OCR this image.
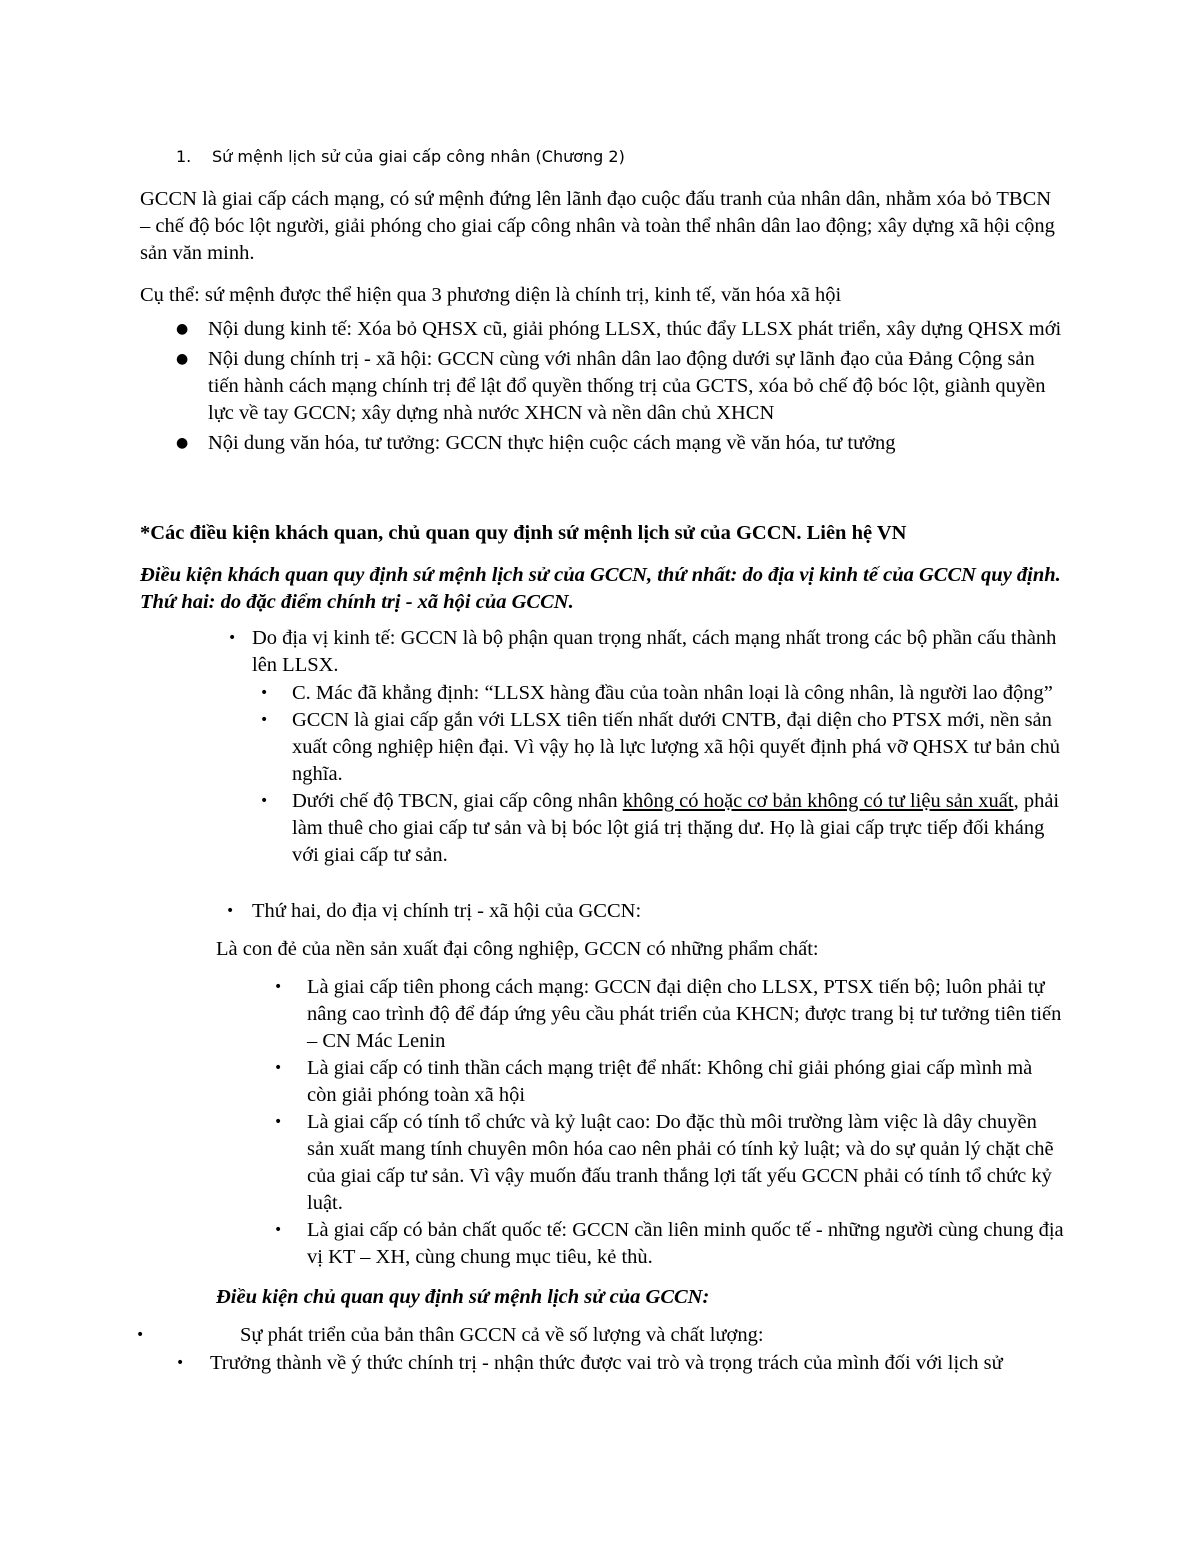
1. Sứ mệnh lịch sử của giai cấp công nhân (Chương 2)

GCCN là giai cấp cách mạng, có sứ mệnh đứng lên lãnh đạo cuộc đấu tranh của nhân dân, nhằm xóa bỏ TBCN – chế độ bóc lột người, giải phóng cho giai cấp công nhân và toàn thể nhân dân lao động; xây dựng xã hội cộng sản văn minh.

Cụ thể: sứ mệnh được thể hiện qua 3 phương diện là chính trị, kinh tế, văn hóa xã hội

● Nội dung kinh tế: Xóa bỏ QHSX cũ, giải phóng LLSX, thúc đẩy LLSX phát triển, xây dựng QHSX mới
● Nội dung chính trị - xã hội: GCCN cùng với nhân dân lao động dưới sự lãnh đạo của Đảng Cộng sản tiến hành cách mạng chính trị để lật đổ quyền thống trị của GCTS, xóa bỏ chế độ bóc lột, giành quyền lực về tay GCCN; xây dựng nhà nước XHCN và nền dân chủ XHCN
● Nội dung văn hóa, tư tưởng: GCCN thực hiện cuộc cách mạng về văn hóa, tư tưởng

*Các điều kiện khách quan, chủ quan quy định sứ mệnh lịch sử của GCCN. Liên hệ VN

Điều kiện khách quan quy định sứ mệnh lịch sử của GCCN, thứ nhất: do địa vị kinh tế của GCCN quy định. Thứ hai: do đặc điểm chính trị - xã hội của GCCN.

• Do địa vị kinh tế: GCCN là bộ phận quan trọng nhất, cách mạng nhất trong các bộ phần cấu thành lên LLSX.
• C. Mác đã khẳng định: “LLSX hàng đầu của toàn nhân loại là công nhân, là người lao động”
• GCCN là giai cấp gắn với LLSX tiên tiến nhất dưới CNTB, đại diện cho PTSX mới, nền sản xuất công nghiệp hiện đại. Vì vậy họ là lực lượng xã hội quyết định phá vỡ QHSX tư bản chủ nghĩa.
• Dưới chế độ TBCN, giai cấp công nhân không có hoặc cơ bản không có tư liệu sản xuất, phải làm thuê cho giai cấp tư sản và bị bóc lột giá trị thặng dư. Họ là giai cấp trực tiếp đối kháng với giai cấp tư sản.
• Thứ hai, do địa vị chính trị - xã hội của GCCN:

Là con đẻ của nền sản xuất đại công nghiệp, GCCN có những phẩm chất:

• Là giai cấp tiên phong cách mạng: GCCN đại diện cho LLSX, PTSX tiến bộ; luôn phải tự nâng cao trình độ để đáp ứng yêu cầu phát triển của KHCN; được trang bị tư tưởng tiên tiến – CN Mác Lenin
• Là giai cấp có tinh thần cách mạng triệt để nhất: Không chỉ giải phóng giai cấp mình mà còn giải phóng toàn xã hội
• Là giai cấp có tính tổ chức và kỷ luật cao: Do đặc thù môi trường làm việc là dây chuyền sản xuất mang tính chuyên môn hóa cao nên phải có tính kỷ luật; và do sự quản lý chặt chẽ của giai cấp tư sản. Vì vậy muốn đấu tranh thắng lợi tất yếu GCCN phải có tính tổ chức kỷ luật.
• Là giai cấp có bản chất quốc tế: GCCN cần liên minh quốc tế - những người cùng chung địa vị KT – XH, cùng chung mục tiêu, kẻ thù.

Điều kiện chủ quan quy định sứ mệnh lịch sử của GCCN:

•	Sự phát triển của bản thân GCCN cả về số lượng và chất lượng:
• Trưởng thành về ý thức chính trị - nhận thức được vai trò và trọng trách của mình đối với lịch sử
